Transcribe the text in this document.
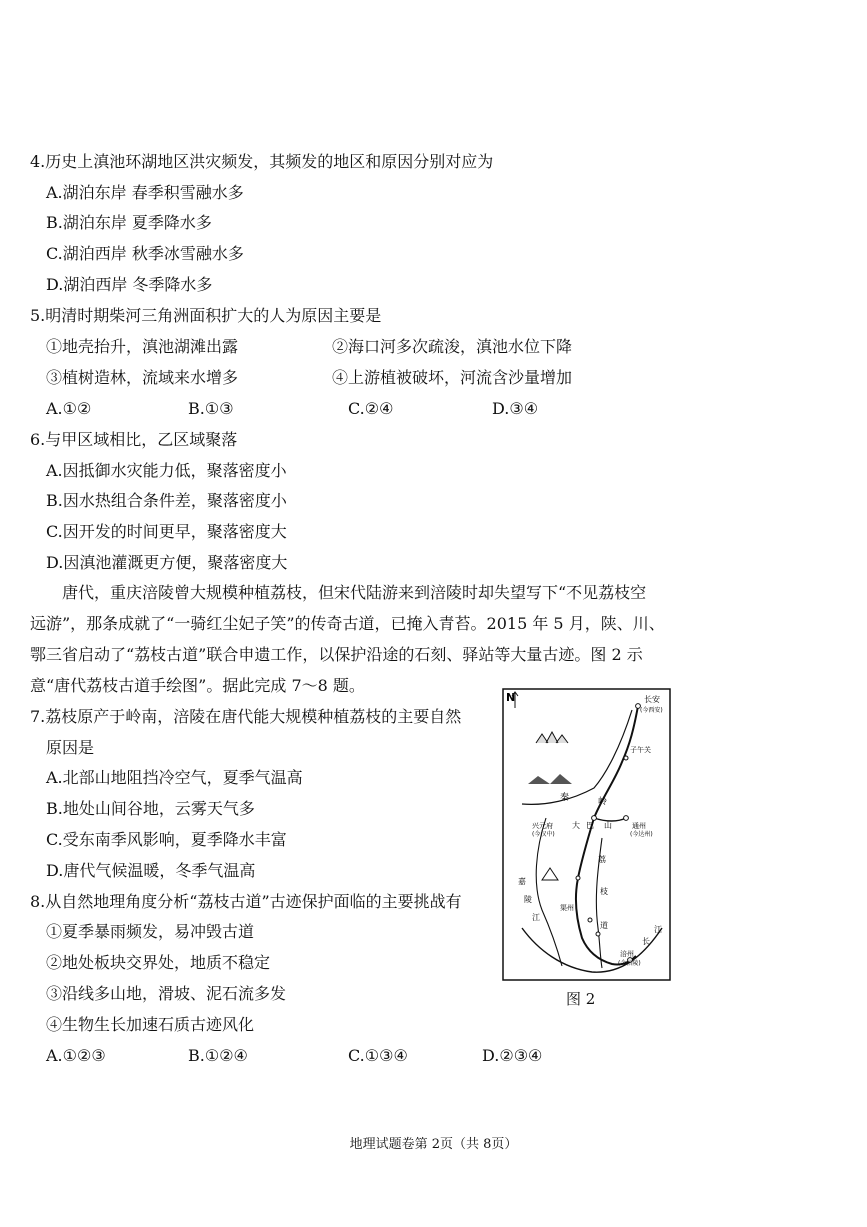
4.历史上滇池环湖地区洪灾频发，其频发的地区和原因分别对应为
A.湖泊东岸 春季积雪融水多
B.湖泊东岸 夏季降水多
C.湖泊西岸 秋季冰雪融水多
D.湖泊西岸 冬季降水多
5.明清时期柴河三角洲面积扩大的人为原因主要是
①地壳抬升，滇池湖滩出露	②海口河多次疏浚，滇池水位下降
③植树造林，流域来水增多	④上游植被破坏，河流含沙量增加
A.①②	B.①③	C.②④	D.③④
6.与甲区域相比，乙区域聚落
A.因抵御水灾能力低，聚落密度小
B.因水热组合条件差，聚落密度小
C.因开发的时间更早，聚落密度大
D.因滇池灌溉更方便，聚落密度大
唐代，重庆涪陵曾大规模种植荔枝，但宋代陆游来到涪陵时却失望写下“不见荔枝空
远游”，那条成就了“一骑红尘妃子笑”的传奇古道，已掩入青苔。2015 年 5 月，陕、川、
鄂三省启动了“荔枝古道”联合申遗工作，以保护沿途的石刻、驿站等大量古迹。图 2 示
意“唐代荔枝古道手绘图”。据此完成 7～8 题。
7.荔枝原产于岭南，涪陵在唐代能大规模种植荔枝的主要自然
原因是
A.北部山地阻挡冷空气，夏季气温高
B.地处山间谷地，云雾天气多
C.受东南季风影响，夏季降水丰富
D.唐代气候温暖，冬季气温高
8.从自然地理角度分析“荔枝古道”古迹保护面临的主要挑战有
①夏季暴雨频发，易冲毁古道
②地处板块交界处，地质不稳定
③沿线多山地，滑坡、泥石流多发
④生物生长加速石质古迹风化
A.①②③	B.①②④	C.①③④	D.②③④
N	长安
(今西安)
子午关
秦	岭
兴元府
(今汉中)
大 巴 山	通州
(今达州)
荔
枝
渠州
道
嘉
陵
江
涪州
(今涪陵)
长
江
图 2
地理试题卷第 2页（共 8页）
